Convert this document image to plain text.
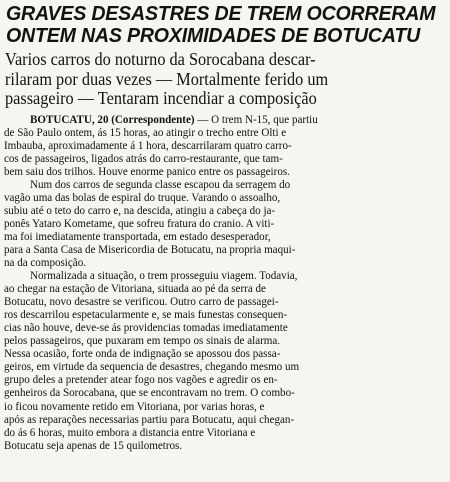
GRAVES DESASTRES DE TREM OCORRERAM
ONTEM NAS PROXIMIDADES DE BOTUCATU
Varios carros do noturno da Sorocabana descar-
rilaram por duas vezes — Mortalmente ferido um
passageiro — Tentaram incendiar a composição
BOTUCATU, 20 (Correspondente) — O trem N-15, que partiu
de São Paulo ontem, ás 15 horas, ao atingir o trecho entre Olti e
Imbauba, aproximadamente á 1 hora, descarrilaram quatro carro-
cos de passageiros, ligados atrás do carro-restaurante, que tam-
bem saiu dos trilhos. Houve enorme panico entre os passageiros.
Num dos carros de segunda classe escapou da serragem do
vagão uma das bolas de espiral do truque. Varando o assoalho,
subiu até o teto do carro e, na descida, atingiu a cabeça do ja-
ponês Yataro Kometame, que sofreu fratura do cranio. A viti-
ma foi imediatamente transportada, em estado desesperador,
para a Santa Casa de Misericordia de Botucatu, na propria maqui-
na da composição.
Normalizada a situação, o trem prosseguiu viagem. Todavia,
ao chegar na estação de Vitoriana, situada ao pé da serra de
Botucatu, novo desastre se verificou. Outro carro de passagei-
ros descarrilou espetacularmente e, se mais funestas consequen-
cias não houve, deve-se ás providencias tomadas imediatamente
pelos passageiros, que puxaram em tempo os sinais de alarma.
Nessa ocasião, forte onda de indignação se apossou dos passa-
geiros, em virtude da sequencia de desastres, chegando mesmo um
grupo deles a pretender atear fogo nos vagões e agredir os en-
genheiros da Sorocabana, que se encontravam no trem. O combo-
io ficou novamente retido em Vitoriana, por varias horas, e
após as reparações necessarias partiu para Botucatu, aqui chegan-
do ás 6 horas, muito embora a distancia entre Vitoriana e
Botucatu seja apenas de 15 quilometros.
